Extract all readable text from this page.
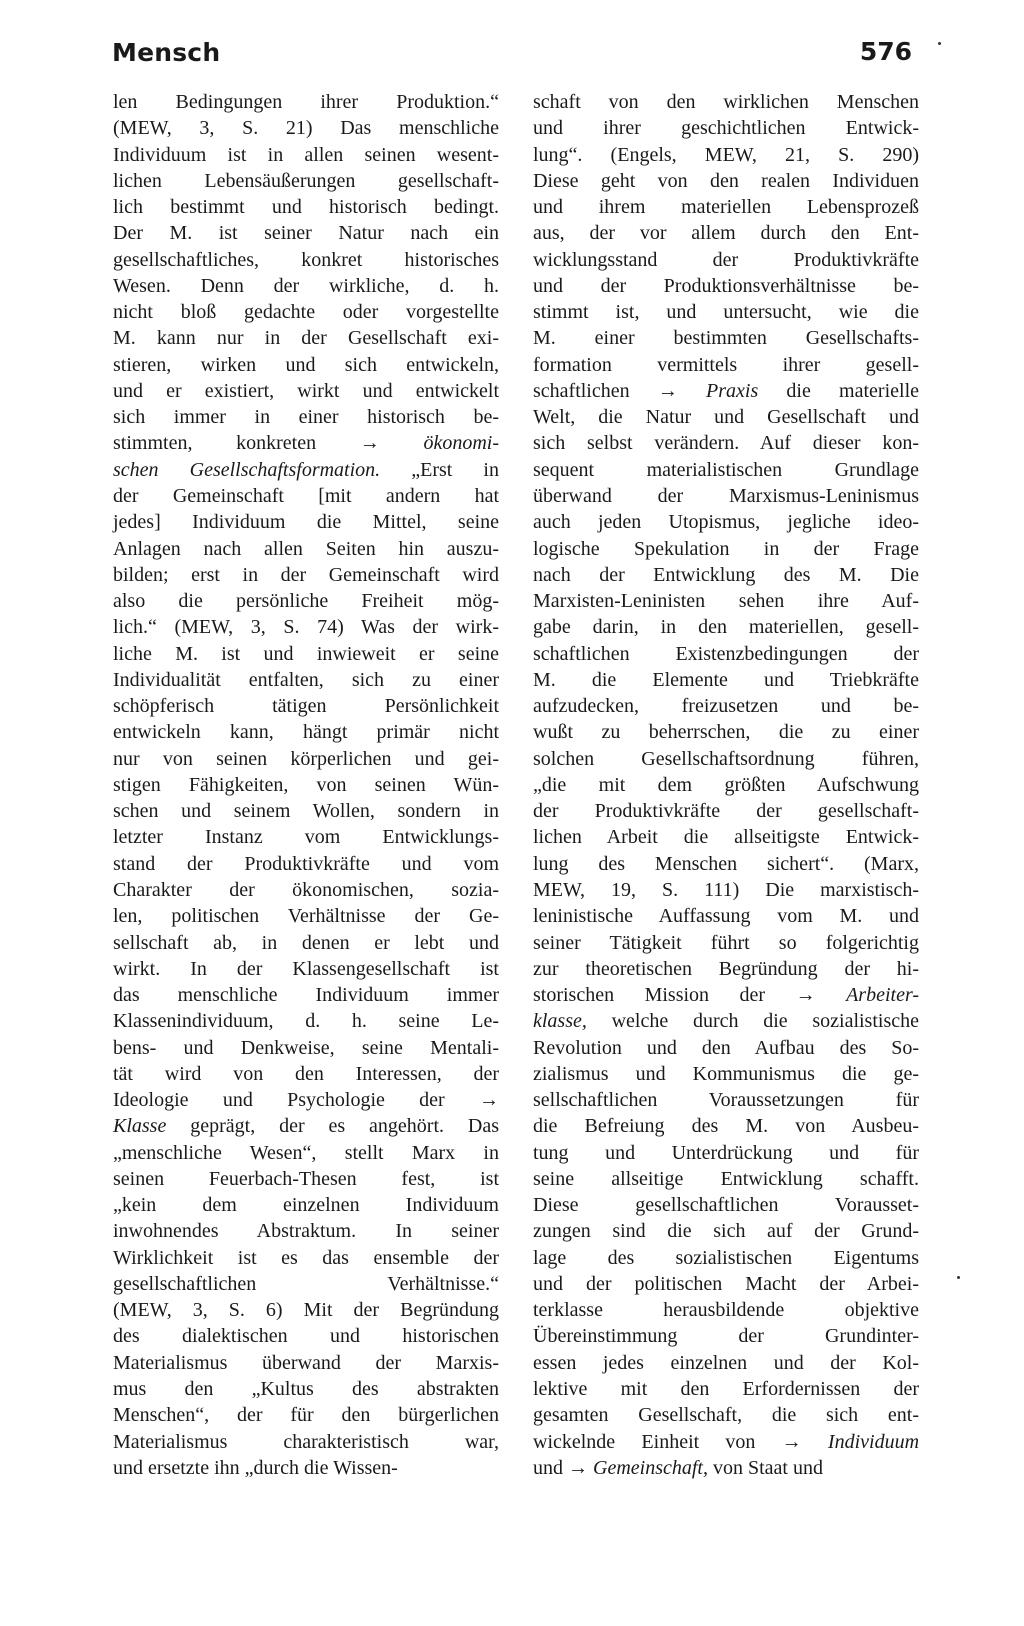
Mensch	576
len Bedingungen ihrer Produktion.“
(MEW, 3, S. 21) Das menschliche
Individuum ist in allen seinen wesent-
lichen Lebensäußerungen gesellschaft-
lich bestimmt und historisch bedingt.
Der M. ist seiner Natur nach ein
gesellschaftliches, konkret historisches
Wesen. Denn der wirkliche, d. h.
nicht bloß gedachte oder vorgestellte
M. kann nur in der Gesellschaft exi-
stieren, wirken und sich entwickeln,
und er existiert, wirkt und entwickelt
sich immer in einer historisch be-
stimmten, konkreten → ökonomi-
schen Gesellschaftsformation. „Erst in
der Gemeinschaft [mit andern hat
jedes] Individuum die Mittel, seine
Anlagen nach allen Seiten hin auszu-
bilden; erst in der Gemeinschaft wird
also die persönliche Freiheit mög-
lich.“ (MEW, 3, S. 74) Was der wirk-
liche M. ist und inwieweit er seine
Individualität entfalten, sich zu einer
schöpferisch tätigen Persönlichkeit
entwickeln kann, hängt primär nicht
nur von seinen körperlichen und gei-
stigen Fähigkeiten, von seinen Wün-
schen und seinem Wollen, sondern in
letzter Instanz vom Entwicklungs-
stand der Produktivkräfte und vom
Charakter der ökonomischen, sozia-
len, politischen Verhältnisse der Ge-
sellschaft ab, in denen er lebt und
wirkt. In der Klassengesellschaft ist
das menschliche Individuum immer
Klassenindividuum, d. h. seine Le-
bens- und Denkweise, seine Mentali-
tät wird von den Interessen, der
Ideologie und Psychologie der →
Klasse geprägt, der es angehört. Das
„menschliche Wesen“, stellt Marx in
seinen Feuerbach-Thesen fest, ist
„kein dem einzelnen Individuum
inwohnendes Abstraktum. In seiner
Wirklichkeit ist es das ensemble der
gesellschaftlichen Verhältnisse.“
(MEW, 3, S. 6) Mit der Begründung
des dialektischen und historischen
Materialismus überwand der Marxis-
mus den „Kultus des abstrakten
Menschen“, der für den bürgerlichen
Materialismus charakteristisch war,
und ersetzte ihn „durch die Wissen-
schaft von den wirklichen Menschen
und ihrer geschichtlichen Entwick-
lung“. (Engels, MEW, 21, S. 290)
Diese geht von den realen Individuen
und ihrem materiellen Lebensprozeß
aus, der vor allem durch den Ent-
wicklungsstand der Produktivkräfte
und der Produktionsverhältnisse be-
stimmt ist, und untersucht, wie die
M. einer bestimmten Gesellschafts-
formation vermittels ihrer gesell-
schaftlichen → Praxis die materielle
Welt, die Natur und Gesellschaft und
sich selbst verändern. Auf dieser kon-
sequent materialistischen Grundlage
überwand der Marxismus-Leninismus
auch jeden Utopismus, jegliche ideo-
logische Spekulation in der Frage
nach der Entwicklung des M. Die
Marxisten-Leninisten sehen ihre Auf-
gabe darin, in den materiellen, gesell-
schaftlichen Existenzbedingungen der
M. die Elemente und Triebkräfte
aufzudecken, freizusetzen und be-
wußt zu beherrschen, die zu einer
solchen Gesellschaftsordnung führen,
„die mit dem größten Aufschwung
der Produktivkräfte der gesellschaft-
lichen Arbeit die allseitigste Entwick-
lung des Menschen sichert“. (Marx,
MEW, 19, S. 111) Die marxistisch-
leninistische Auffassung vom M. und
seiner Tätigkeit führt so folgerichtig
zur theoretischen Begründung der hi-
storischen Mission der → Arbeiter-
klasse, welche durch die sozialistische
Revolution und den Aufbau des So-
zialismus und Kommunismus die ge-
sellschaftlichen Voraussetzungen für
die Befreiung des M. von Ausbeu-
tung und Unterdrückung und für
seine allseitige Entwicklung schafft.
Diese gesellschaftlichen Vorausset-
zungen sind die sich auf der Grund-
lage des sozialistischen Eigentums
und der politischen Macht der Arbei-
terklasse herausbildende objektive
Übereinstimmung der Grundinter-
essen jedes einzelnen und der Kol-
lektive mit den Erfordernissen der
gesamten Gesellschaft, die sich ent-
wickelnde Einheit von → Individuum
und → Gemeinschaft, von Staat und
